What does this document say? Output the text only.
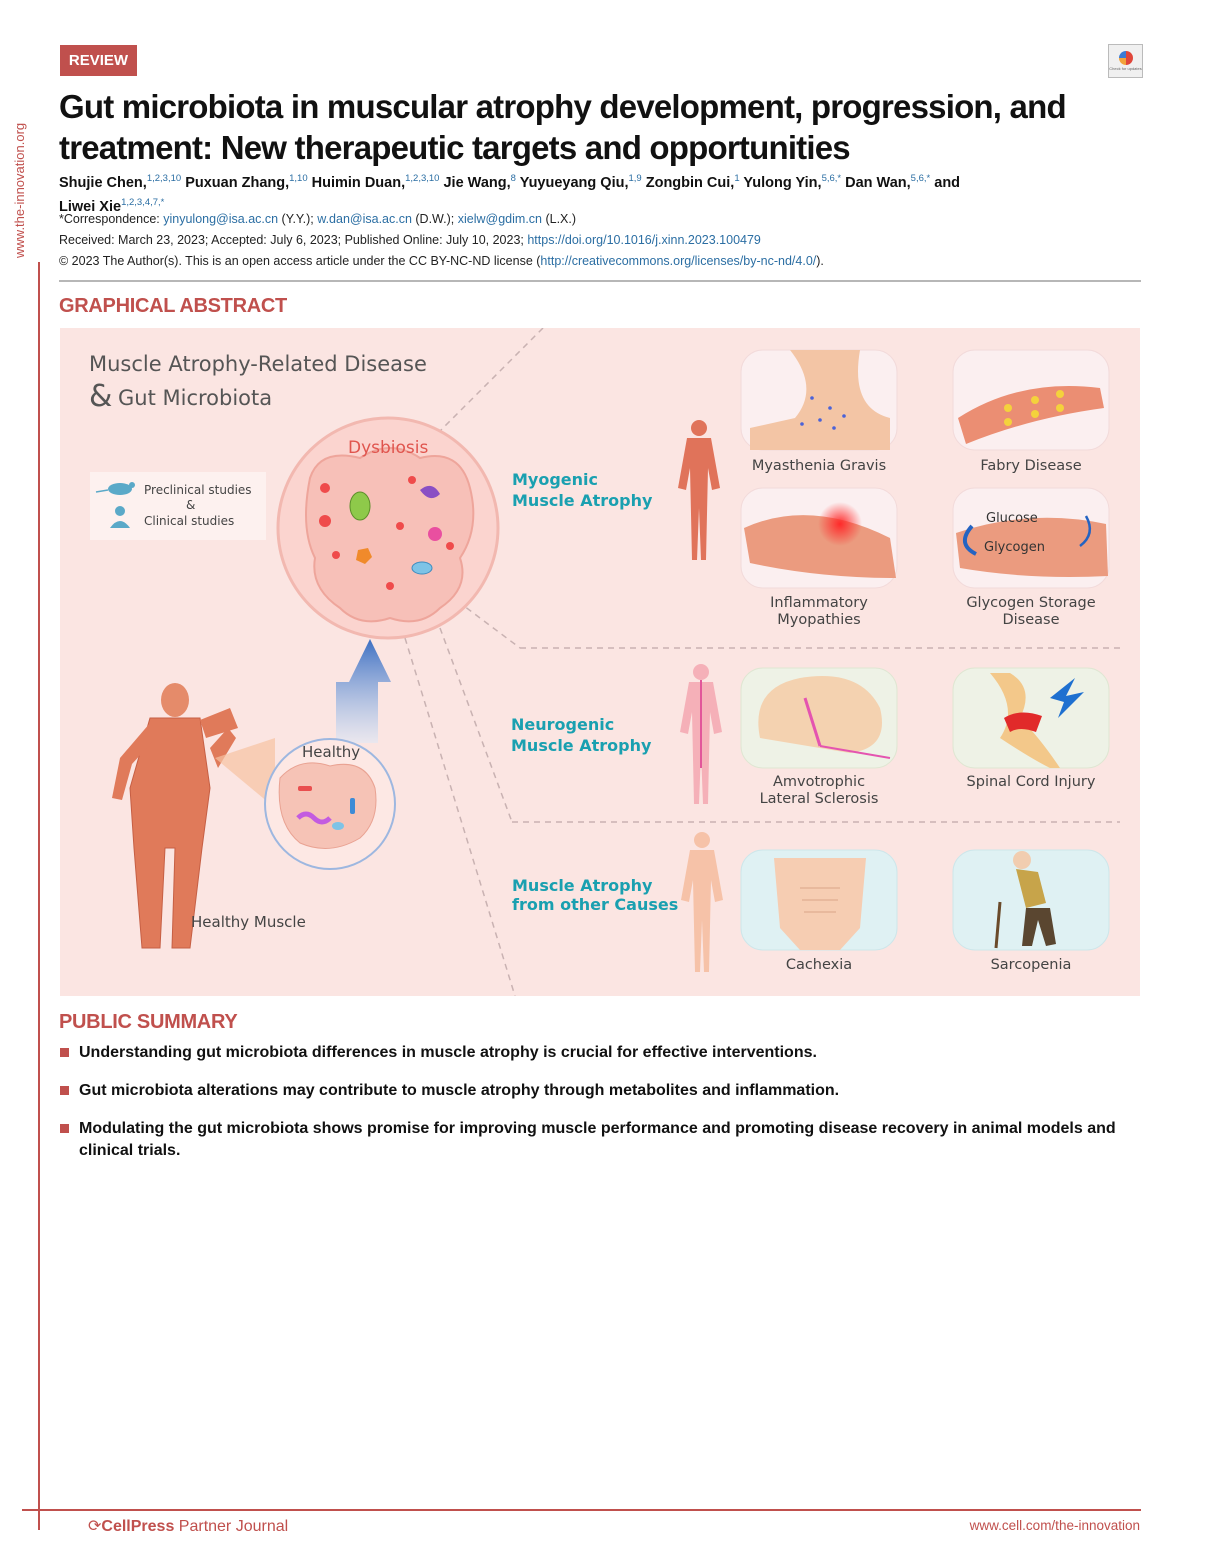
www.the-innovation.org
REVIEW	Check for updates
Gut microbiota in muscular atrophy development, progression, and treatment: New therapeutic targets and opportunities
Shujie Chen,$^{1,2,3,10}$ Puxuan Zhang,$^{1,10}$ Huimin Duan,$^{1,2,3,10}$ Jie Wang,$^8$ Yuyueyang Qiu,$^{1,9}$ Zongbin Cui,$^1$ Yulong Yin,$^{5,6,*}$ Dan Wan,$^{5,6,*}$ and
Liwei Xie$^{1,2,3,4,7,*}$
*Correspondence: yinyulong@isa.ac.cn (Y.Y.); w.dan@isa.ac.cn (D.W.); xielw@gdim.cn (L.X.)
Received: March 23, 2023; Accepted: July 6, 2023; Published Online: July 10, 2023; https://doi.org/10.1016/j.xinn.2023.100479
© 2023 The Author(s). This is an open access article under the CC BY-NC-ND license (http://creativecommons.org/licenses/by-nc-nd/4.0/).
GRAPHICAL ABSTRACT
Muscle Atrophy-Related Disease
& Gut Microbiota
Preclinical studies
&
Clinical studies
Dysbiosis
Healthy Muscle
Healthy
Myogenic
Muscle Atrophy
Neurogenic
Muscle Atrophy
Muscle Atrophy
from other Causes
Myasthenia Gravis	Fabry Disease
Inflammatory
Myopathies
Glucose
Glycogen
Glycogen Storage
Disease
Amvotrophic
Lateral Sclerosis
Spinal Cord Injury
Cachexia	Sarcopenia
PUBLIC SUMMARY
Understanding gut microbiota differences in muscle atrophy is crucial for effective interventions.
Gut microbiota alterations may contribute to muscle atrophy through metabolites and inflammation.
Modulating the gut microbiota shows promise for improving muscle performance and promoting disease recovery in animal models and clinical trials.
⟳CellPress Partner Journal	www.cell.com/the-innovation
